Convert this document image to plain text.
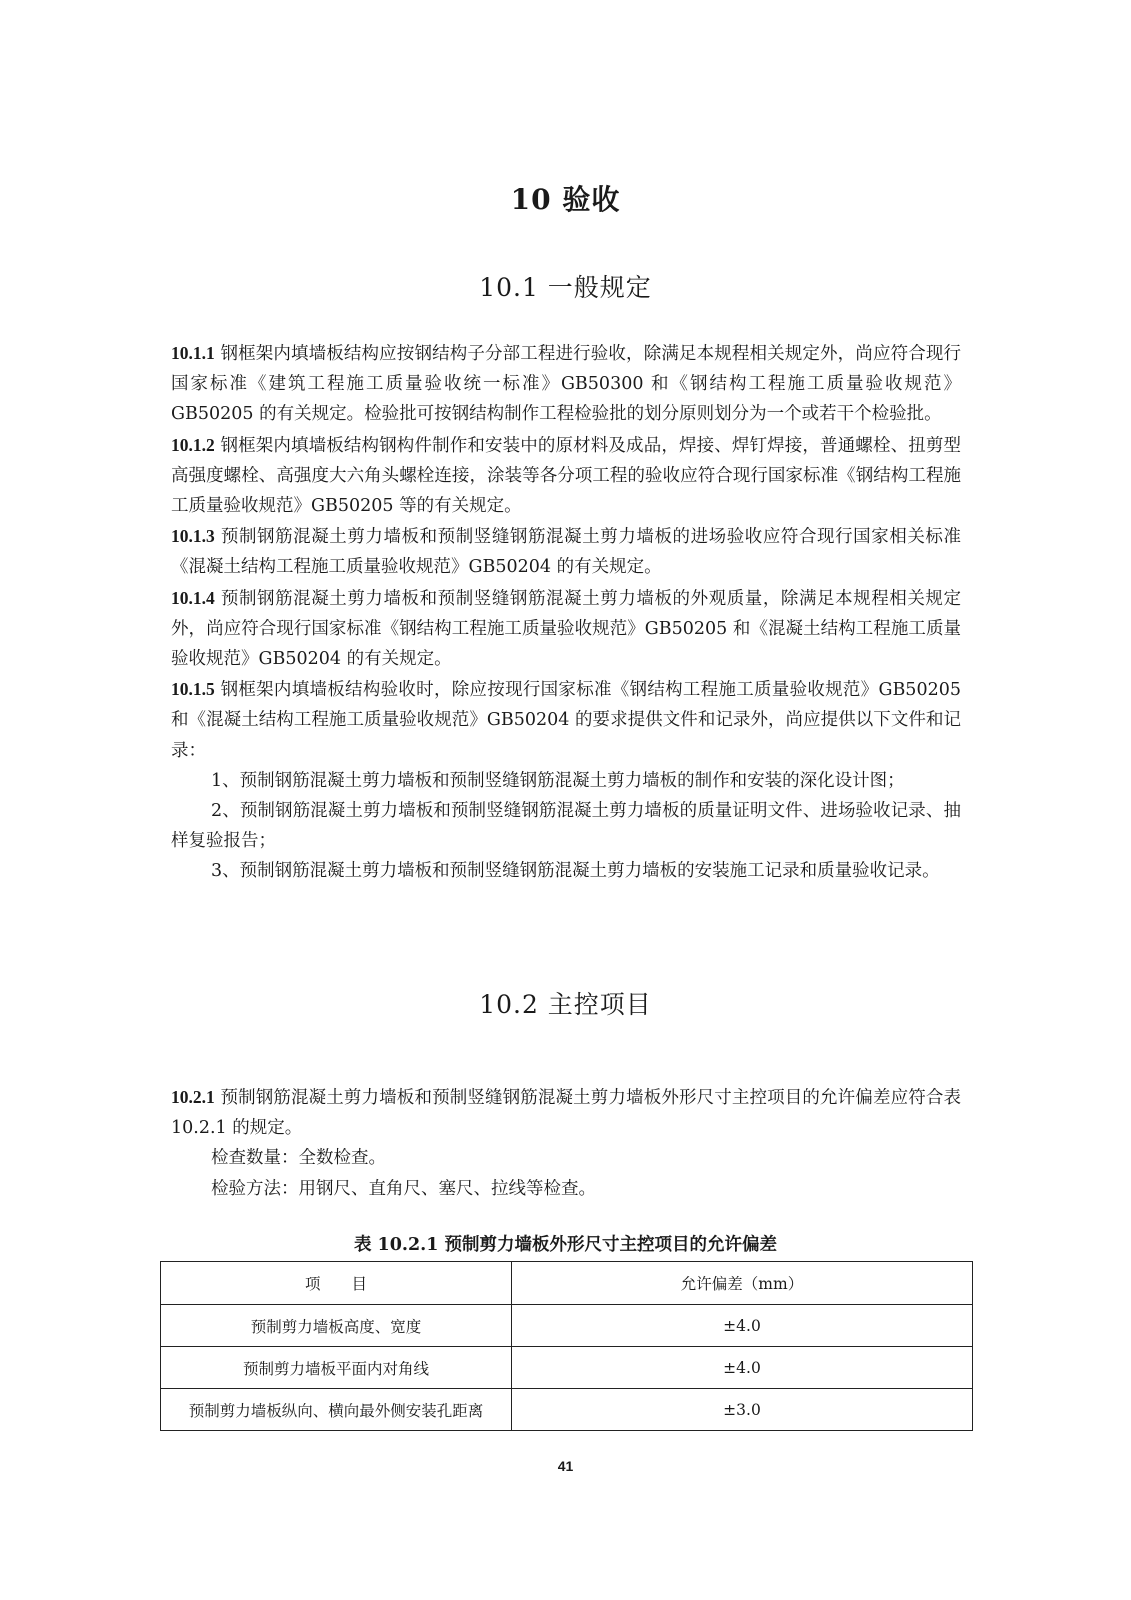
10 验收
10.1 一般规定

10.1.1 钢框架内填墙板结构应按钢结构子分部工程进行验收，除满足本规程相关规定外，尚应符合现行国家标准《建筑工程施工质量验收统一标准》GB50300 和《钢结构工程施工质量验收规范》GB50205 的有关规定。检验批可按钢结构制作工程检验批的划分原则划分为一个或若干个检验批。

10.1.2 钢框架内填墙板结构钢构件制作和安装中的原材料及成品，焊接、焊钉焊接，普通螺栓、扭剪型高强度螺栓、高强度大六角头螺栓连接，涂装等各分项工程的验收应符合现行国家标准《钢结构工程施工质量验收规范》GB50205 等的有关规定。

10.1.3 预制钢筋混凝土剪力墙板和预制竖缝钢筋混凝土剪力墙板的进场验收应符合现行国家相关标准《混凝土结构工程施工质量验收规范》GB50204 的有关规定。

10.1.4 预制钢筋混凝土剪力墙板和预制竖缝钢筋混凝土剪力墙板的外观质量，除满足本规程相关规定外，尚应符合现行国家标准《钢结构工程施工质量验收规范》GB50205 和《混凝土结构工程施工质量验收规范》GB50204 的有关规定。

10.1.5 钢框架内填墙板结构验收时，除应按现行国家标准《钢结构工程施工质量验收规范》GB50205 和《混凝土结构工程施工质量验收规范》GB50204 的要求提供文件和记录外，尚应提供以下文件和记录：

1、预制钢筋混凝土剪力墙板和预制竖缝钢筋混凝土剪力墙板的制作和安装的深化设计图；

2、预制钢筋混凝土剪力墙板和预制竖缝钢筋混凝土剪力墙板的质量证明文件、进场验收记录、抽样复验报告；

3、预制钢筋混凝土剪力墙板和预制竖缝钢筋混凝土剪力墙板的安装施工记录和质量验收记录。

10.2 主控项目

10.2.1 预制钢筋混凝土剪力墙板和预制竖缝钢筋混凝土剪力墙板外形尺寸主控项目的允许偏差应符合表 10.2.1 的规定。

检查数量：全数检查。

检验方法：用钢尺、直角尺、塞尺、拉线等检查。

表 10.2.1 预制剪力墙板外形尺寸主控项目的允许偏差
项　　目	允许偏差（mm）
预制剪力墙板高度、宽度	±4.0
预制剪力墙板平面内对角线	±4.0
预制剪力墙板纵向、横向最外侧安装孔距离	±3.0
41
